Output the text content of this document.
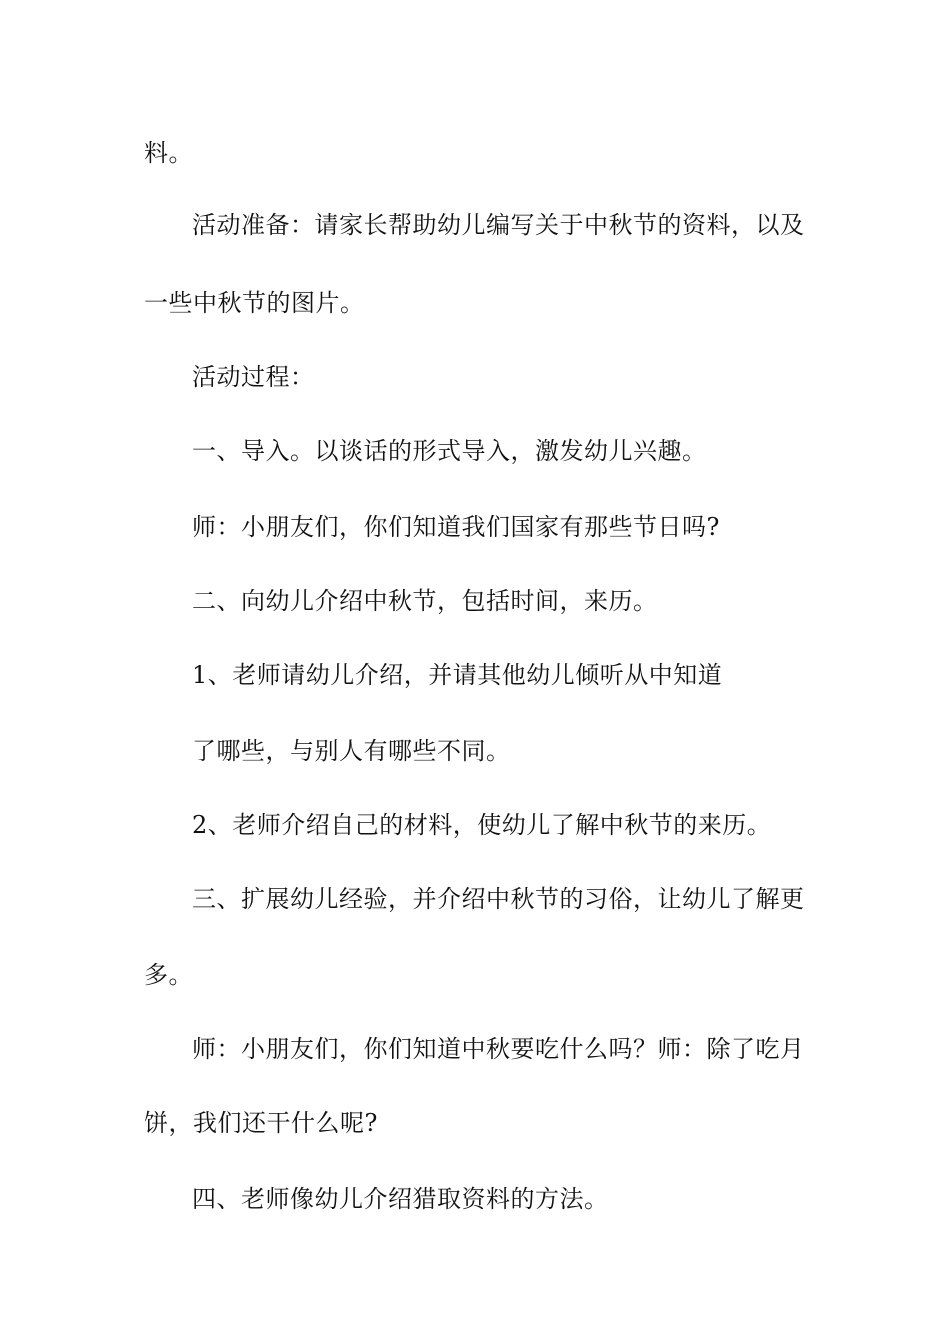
料。
活动准备：请家长帮助幼儿编写关于中秋节的资料，以及
一些中秋节的图片。
活动过程：
一、导入。以谈话的形式导入，激发幼儿兴趣。
师：小朋友们，你们知道我们国家有那些节日吗?
二、向幼儿介绍中秋节，包括时间，来历。
1、老师请幼儿介绍，并请其他幼儿倾听从中知道
了哪些，与别人有哪些不同。
2、老师介绍自己的材料，使幼儿了解中秋节的来历。
三、扩展幼儿经验，并介绍中秋节的习俗，让幼儿了解更
多。
师：小朋友们，你们知道中秋要吃什么吗？师：除了吃月
饼，我们还干什么呢?
四、老师像幼儿介绍猎取资料的方法。
